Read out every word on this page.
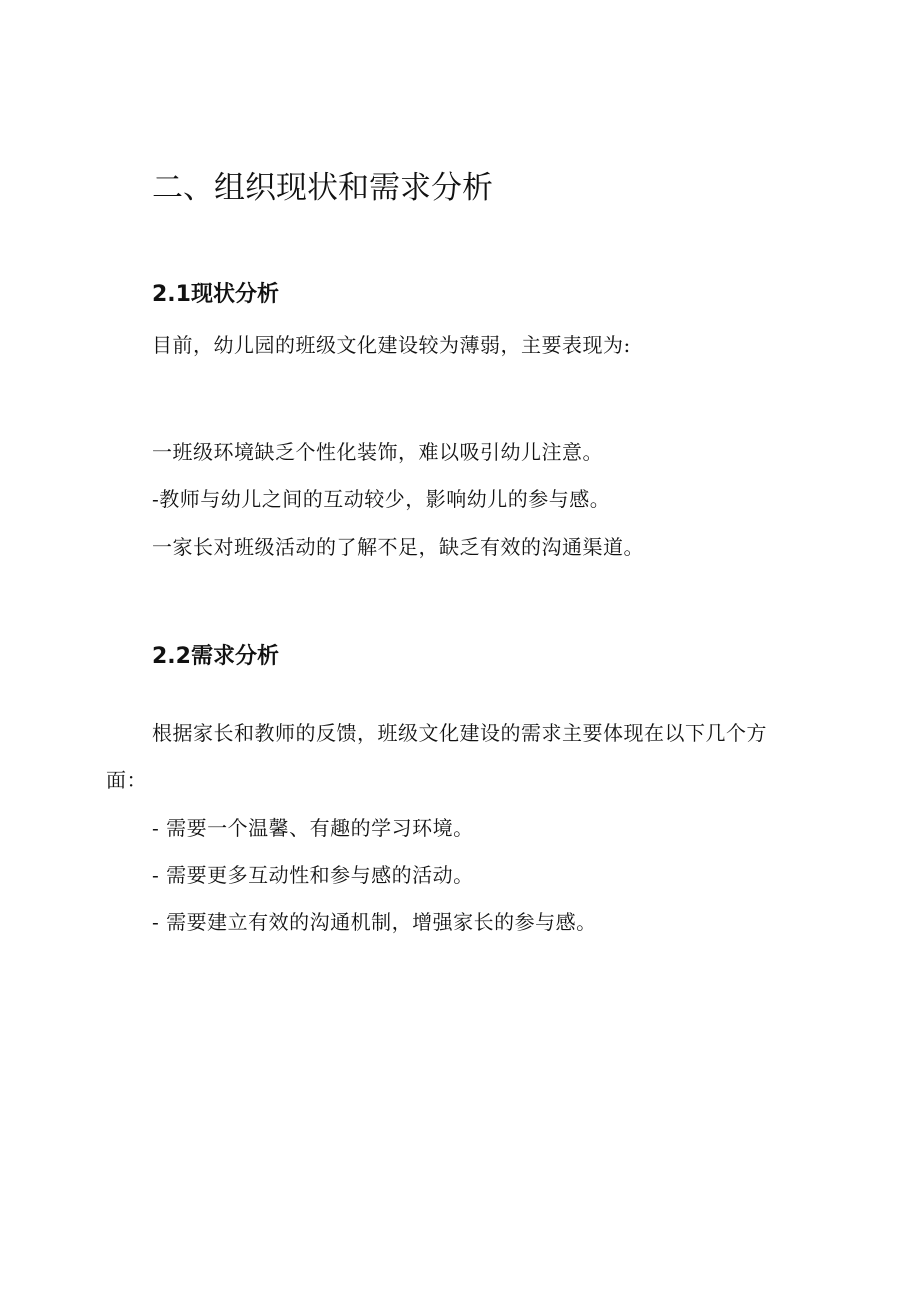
二、组织现状和需求分析
2.1现状分析

目前，幼儿园的班级文化建设较为薄弱，主要表现为:

一班级环境缺乏个性化装饰，难以吸引幼儿注意。

-教师与幼儿之间的互动较少，影响幼儿的参与感。

一家长对班级活动的了解不足，缺乏有效的沟通渠道。

2.2需求分析

根据家长和教师的反馈，班级文化建设的需求主要体现在以下几个方

面：

- 需要一个温馨、有趣的学习环境。

- 需要更多互动性和参与感的活动。

- 需要建立有效的沟通机制，增强家长的参与感。
